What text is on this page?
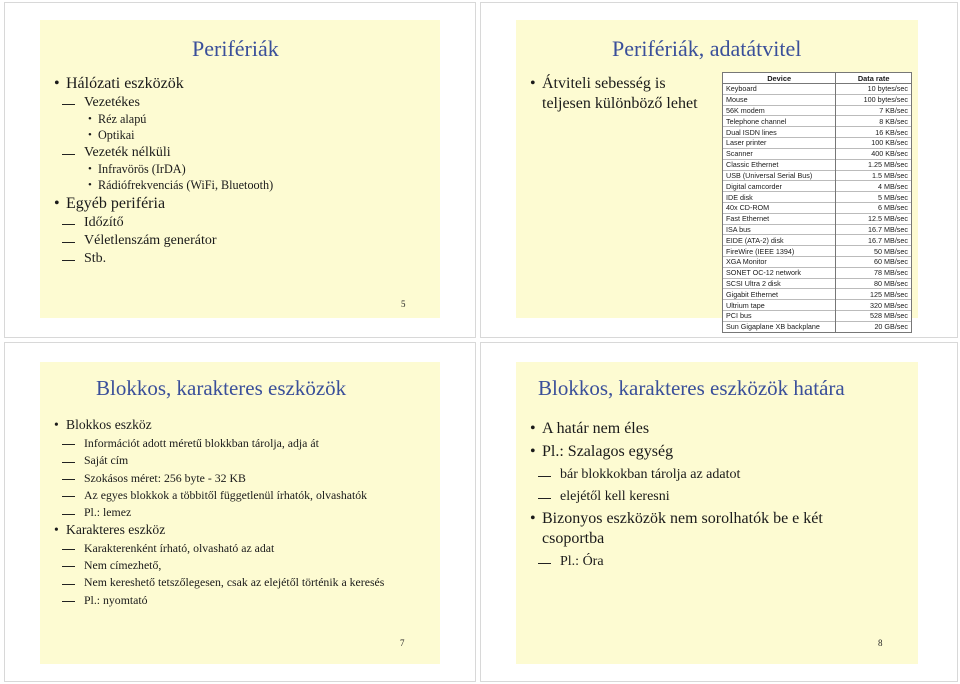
Perifériák
• Hálózati eszközök
Vezetékes
• Réz alapú
• Optikai
Vezeték nélküli
• Infravörös (IrDA)
• Rádiófrekvenciás (WiFi, Bluetooth)
• Egyéb periféria
Időzítő
Véletlenszám generátor
Stb.
5
Perifériák, adatátvitel
• Átviteli sebesség is teljesen különböző lehet
Device	Data rate
Keyboard	10 bytes/sec
Mouse	100 bytes/sec
56K modem	7 KB/sec
Telephone channel	8 KB/sec
Dual ISDN lines	16 KB/sec
Laser printer	100 KB/sec
Scanner	400 KB/sec
Classic Ethernet	1.25 MB/sec
USB (Universal Serial Bus)	1.5 MB/sec
Digital camcorder	4 MB/sec
IDE disk	5 MB/sec
40x CD-ROM	6 MB/sec
Fast Ethernet	12.5 MB/sec
ISA bus	16.7 MB/sec
EIDE (ATA-2) disk	16.7 MB/sec
FireWire (IEEE 1394)	50 MB/sec
XGA Monitor	60 MB/sec
SONET OC-12 network	78 MB/sec
SCSI Ultra 2 disk	80 MB/sec
Gigabit Ethernet	125 MB/sec
Ultrium tape	320 MB/sec
PCI bus	528 MB/sec
Sun Gigaplane XB backplane	20 GB/sec
Blokkos, karakteres eszközök
• Blokkos eszköz
Információt adott méretű blokkban tárolja, adja át
Saját cím
Szokásos méret: 256 byte - 32 KB
Az egyes blokkok a többitől függetlenül írhatók, olvashatók
Pl.: lemez
• Karakteres eszköz
Karakterenként írható, olvasható az adat
Nem címezhető,
Nem kereshető tetszőlegesen, csak az elejétől történik a keresés
Pl.: nyomtató
7
Blokkos, karakteres eszközök határa
• A határ nem éles
• Pl.: Szalagos egység
bár blokkokban tárolja az adatot
elejétől kell keresni
• Bizonyos eszközök nem sorolhatók be e két csoportba
Pl.: Óra
8
